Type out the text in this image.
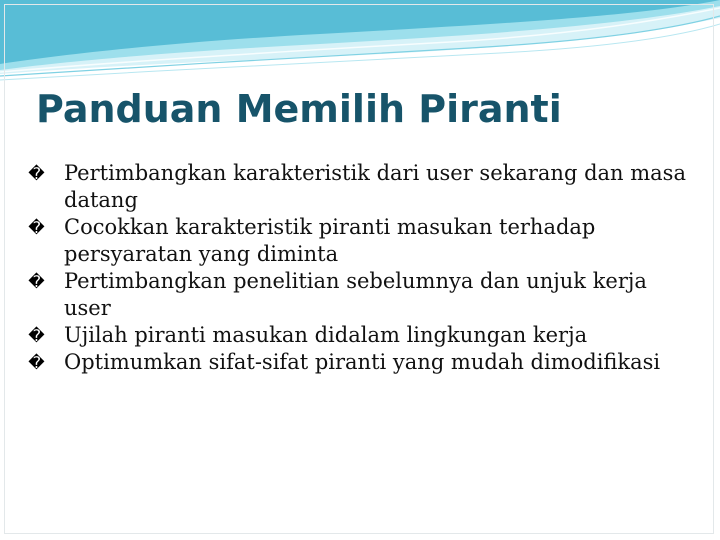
Panduan Memilih Piranti
� Pertimbangkan karakteristik dari user sekarang dan masa datang
� Cocokkan karakteristik piranti masukan terhadap persyaratan yang diminta
� Pertimbangkan penelitian sebelumnya dan unjuk kerja user
� Ujilah piranti masukan didalam lingkungan kerja
� Optimumkan sifat-sifat piranti yang mudah dimodifikasi
